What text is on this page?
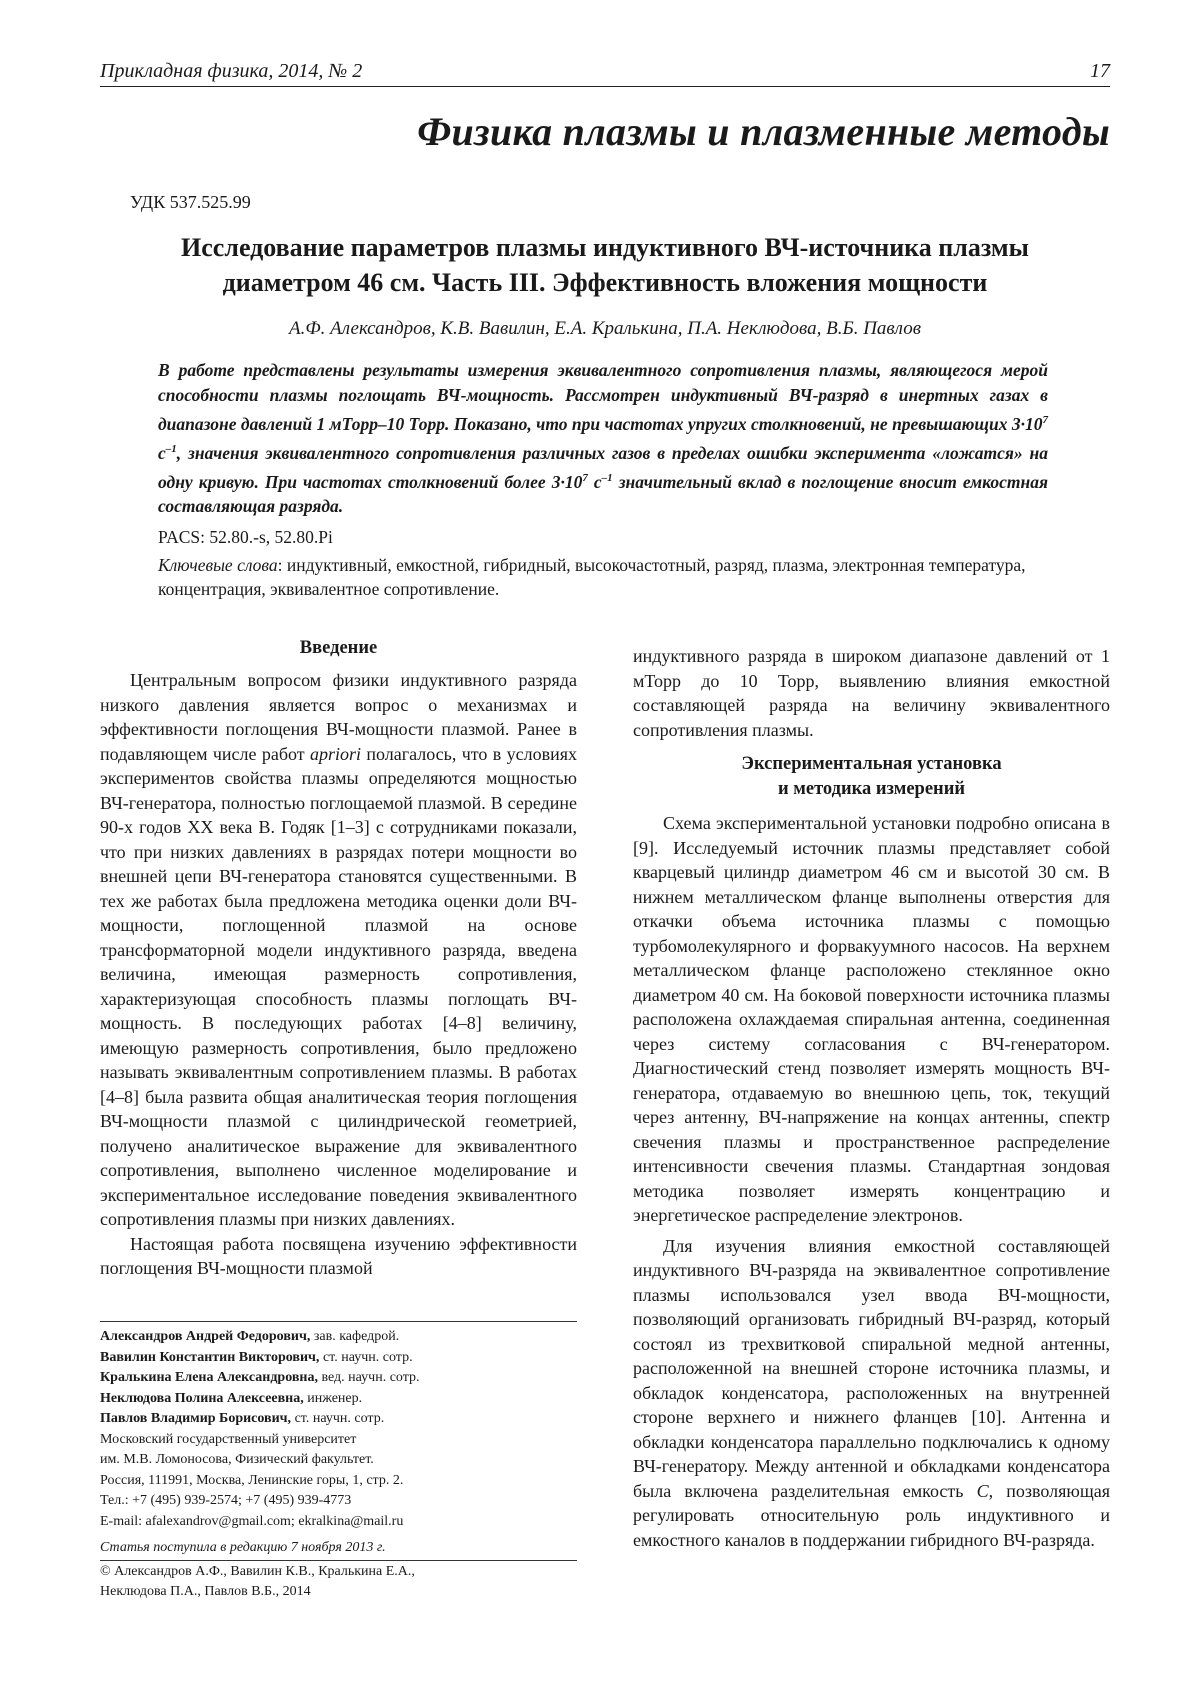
Прикладная физика, 2014, № 2	17
Физика плазмы и плазменные методы
УДК 537.525.99
Исследование параметров плазмы индуктивного ВЧ-источника плазмы
диаметром 46 см. Часть III. Эффективность вложения мощности
А.Ф. Александров, К.В. Вавилин, Е.А. Кралькина, П.А. Неклюдова, В.Б. Павлов
В работе представлены результаты измерения эквивалентного сопротивления плазмы, являющегося мерой способности плазмы поглощать ВЧ-мощность. Рассмотрен индуктивный ВЧ-разряд в инертных газах в диапазоне давлений 1 мТорр–10 Торр. Показано, что при частотах упругих столкновений, не превышающих $3\cdot 10^7$ $с^{-1}$, значения эквивалентного сопротивления различных газов в пределах ошибки эксперимента «ложатся» на одну кривую. При частотах столкновений более $3\cdot 10^7$ $с^{-1}$ значительный вклад в поглощение вносит емкостная составляющая разряда.
PACS: 52.80.-s, 52.80.Pi
Ключевые слова: индуктивный, емкостной, гибридный, высокочастотный, разряд, плазма, электронная температура, концентрация, эквивалентное сопротивление.
Введение

Центральным вопросом физики индуктивного разряда низкого давления является вопрос о механизмах и эффективности поглощения ВЧ-мощности плазмой. Ранее в подавляющем числе работ apriori полагалось, что в условиях экспериментов свойства плазмы определяются мощностью ВЧ-генератора, полностью поглощаемой плазмой. В середине 90-х годов XX века В. Годяк [1–3] с сотрудниками показали, что при низких давлениях в разрядах потери мощности во внешней цепи ВЧ-генератора становятся существенными. В тех же работах была предложена методика оценки доли ВЧ-мощности, поглощенной плазмой на основе трансформаторной модели индуктивного разряда, введена величина, имеющая размерность сопротивления, характеризующая способность плазмы поглощать ВЧ-мощность. В последующих работах [4–8] величину, имеющую размерность сопротивления, было предложено называть эквивалентным сопротивлением плазмы. В работах [4–8] была развита общая аналитическая теория поглощения ВЧ-мощности плазмой с цилиндрической геометрией, получено аналитическое выражение для эквивалентного сопротивления, выполнено численное моделирование и экспериментальное исследование поведения эквивалентного сопротивления плазмы при низких давлениях.

Настоящая работа посвящена изучению эффективности поглощения ВЧ-мощности плазмой

Александров Андрей Федорович, зав. кафедрой.
Вавилин Константин Викторович, ст. научн. сотр.
Кралькина Елена Александровна, вед. научн. сотр.
Неклюдова Полина Алексеевна, инженер.
Павлов Владимир Борисович, ст. научн. сотр.
Московский государственный университет
им. М.В. Ломоносова, Физический факультет.
Россия, 111991, Москва, Ленинские горы, 1, стр. 2.
Тел.: +7 (495) 939-2574; +7 (495) 939-4773
E-mail: afalexandrov@gmail.com; ekralkina@mail.ru
Статья поступила в редакцию 7 ноября 2013 г.
© Александров А.Ф., Вавилин К.В., Кралькина Е.А.,
Неклюдова П.А., Павлов В.Б., 2014

индуктивного разряда в широком диапазоне давлений от 1 мТорр до 10 Торр, выявлению влияния емкостной составляющей разряда на величину эквивалентного сопротивления плазмы.

Экспериментальная установка
и методика измерений

Схема экспериментальной установки подробно описана в [9]. Исследуемый источник плазмы представляет собой кварцевый цилиндр диаметром 46 см и высотой 30 см. В нижнем металлическом фланце выполнены отверстия для откачки объема источника плазмы с помощью турбомолекулярного и форвакуумного насосов. На верхнем металлическом фланце расположено стеклянное окно диаметром 40 см. На боковой поверхности источника плазмы расположена охлаждаемая спиральная антенна, соединенная через систему согласования с ВЧ-генератором. Диагностический стенд позволяет измерять мощность ВЧ-генератора, отдаваемую во внешнюю цепь, ток, текущий через антенну, ВЧ-напряжение на концах антенны, спектр свечения плазмы и пространственное распределение интенсивности свечения плазмы. Стандартная зондовая методика позволяет измерять концентрацию и энергетическое распределение электронов.

Для изучения влияния емкостной составляющей индуктивного ВЧ-разряда на эквивалентное сопротивление плазмы использовался узел ввода ВЧ-мощности, позволяющий организовать гибридный ВЧ-разряд, который состоял из трехвитковой спиральной медной антенны, расположенной на внешней стороне источника плазмы, и обкладок конденсатора, расположенных на внутренней стороне верхнего и нижнего фланцев [10]. Антенна и обкладки конденсатора параллельно подключались к одному ВЧ-генератору. Между антенной и обкладками конденсатора была включена разделительная емкость C, позволяющая регулировать относительную роль индуктивного и емкостного каналов в поддержании гибридного ВЧ-разряда.
